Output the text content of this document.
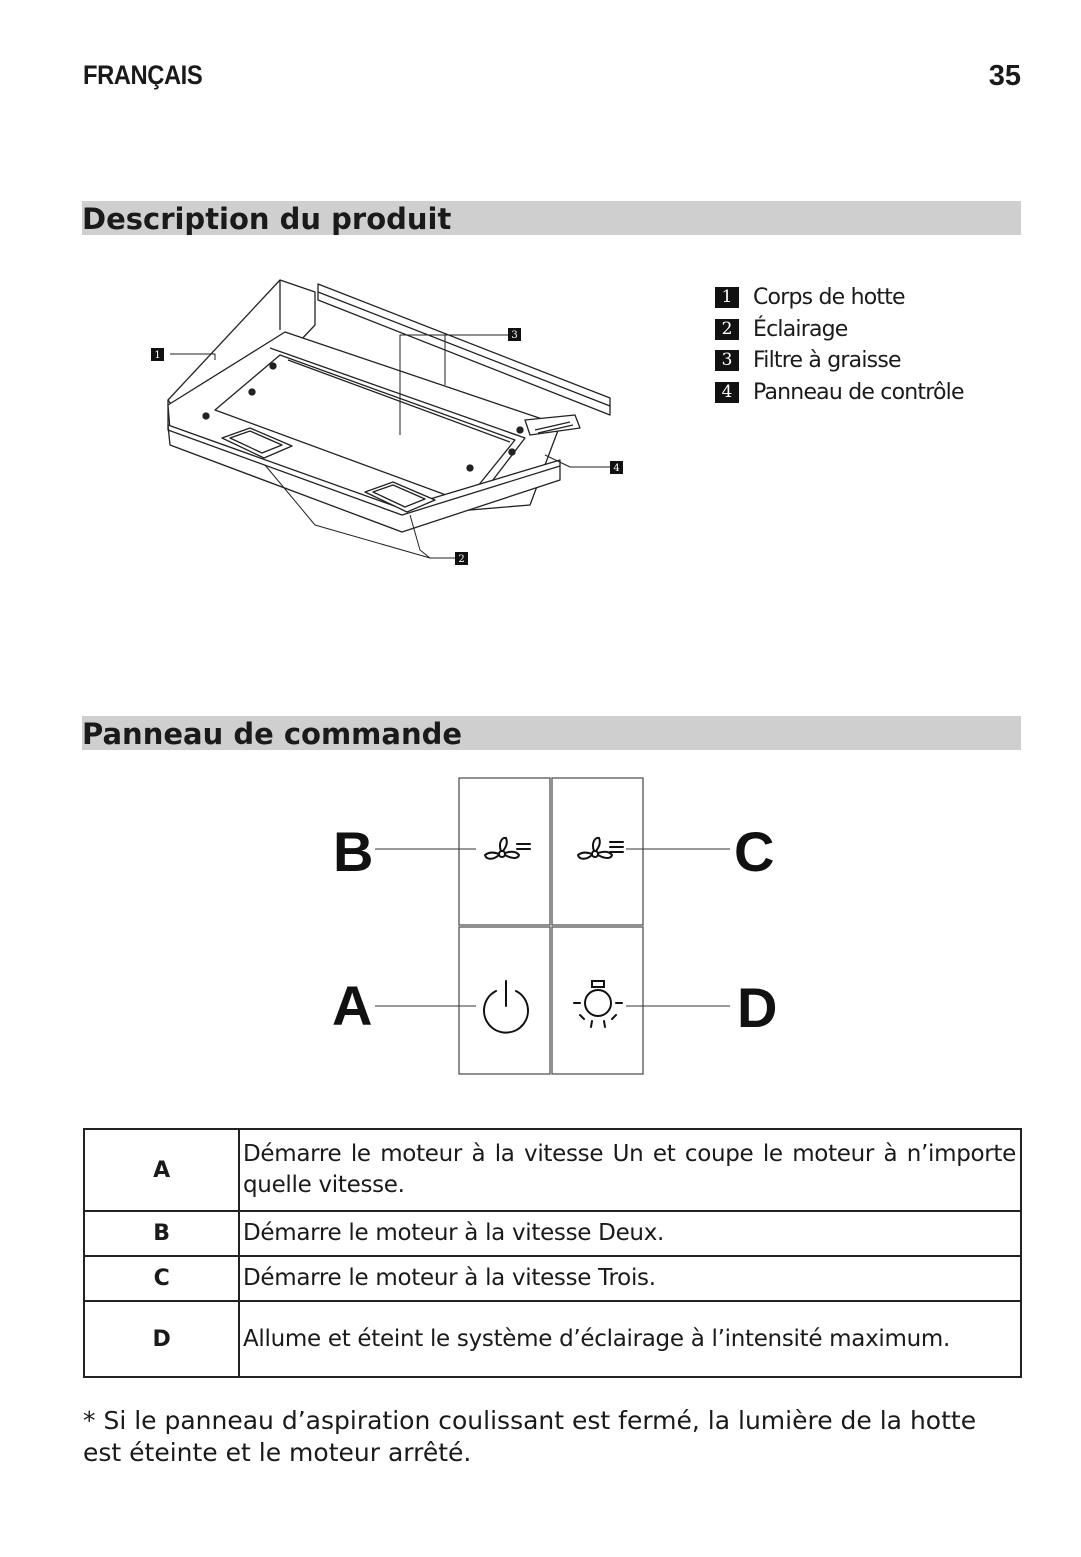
FRANÇAIS	35
Description du produit
1
2
3
4
1 Corps de hotte
2 Éclairage
3 Filtre à graisse
4 Panneau de contrôle
Panneau de commande
B	C
A	D
A	Démarre le moteur à la vitesse Un et coupe le moteur à n’importe quelle vitesse.
B	Démarre le moteur à la vitesse Deux.
C	Démarre le moteur à la vitesse Trois.
D	Allume et éteint le système d’éclairage à l’intensité maximum.
* Si le panneau d’aspiration coulissant est fermé, la lumière de la hotte est éteinte et le moteur arrêté.
